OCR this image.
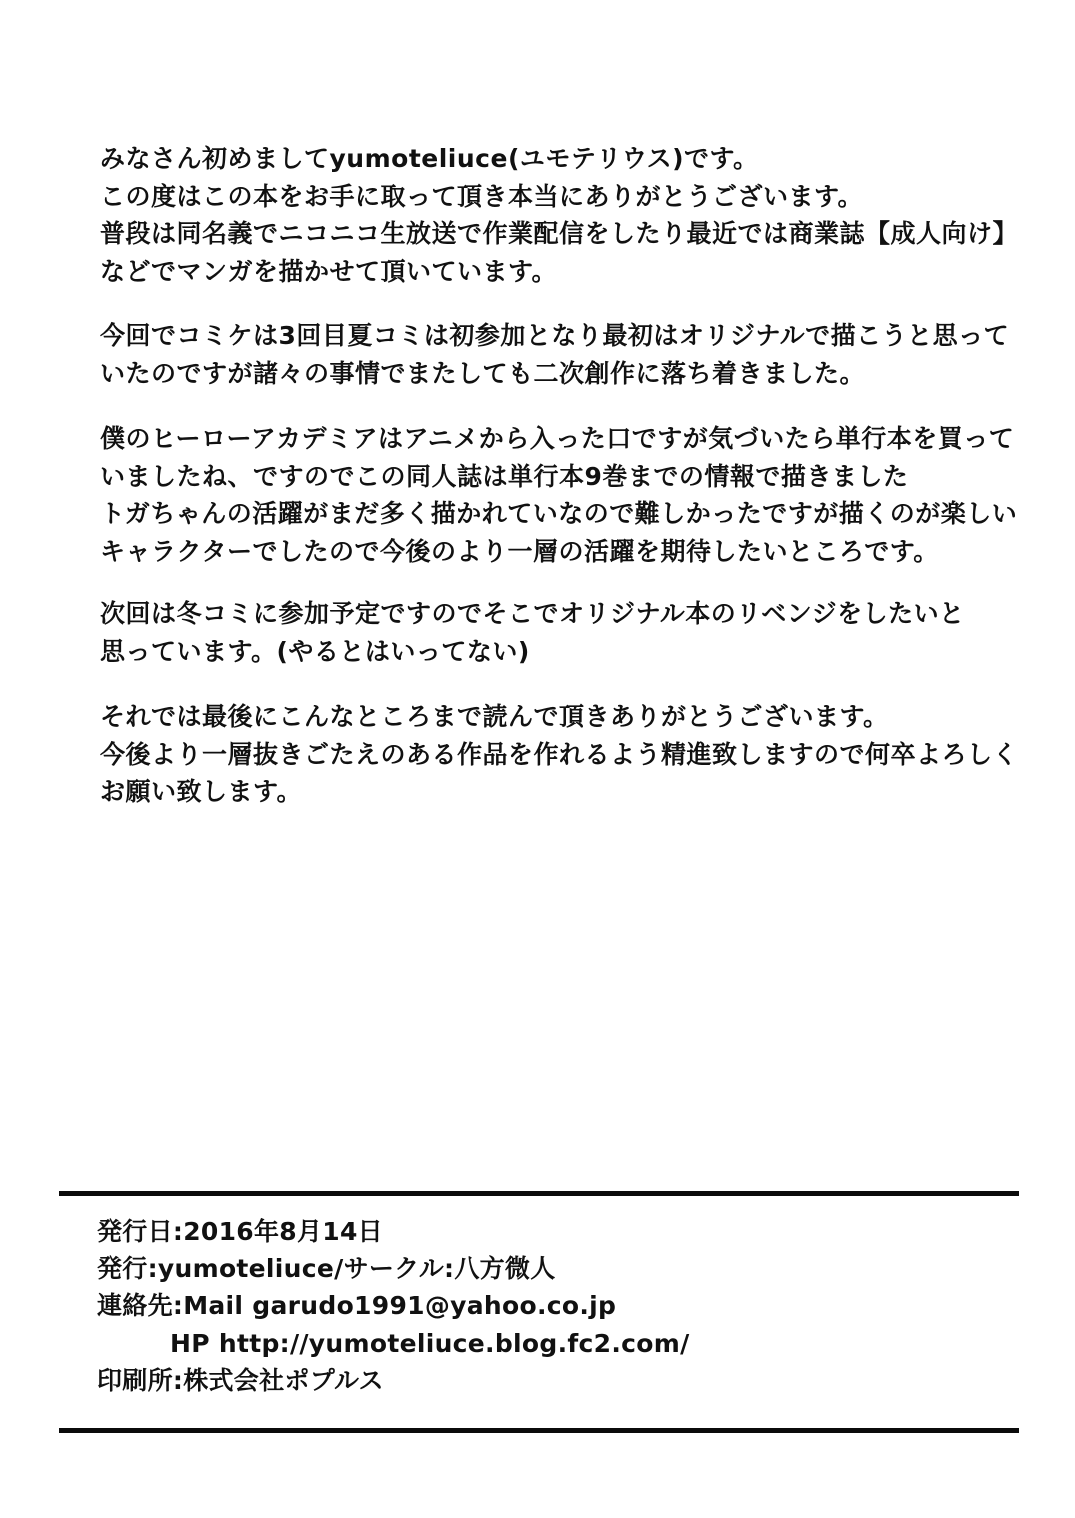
みなさん初めましてyumoteliuce(ユモテリウス)です。
この度はこの本をお手に取って頂き本当にありがとうございます。
普段は同名義でニコニコ生放送で作業配信をしたり最近では商業誌【成人向け】
などでマンガを描かせて頂いています。
今回でコミケは3回目夏コミは初参加となり最初はオリジナルで描こうと思って
いたのですが諸々の事情でまたしても二次創作に落ち着きました。
僕のヒーローアカデミアはアニメから入った口ですが気づいたら単行本を買って
いましたね、ですのでこの同人誌は単行本9巻までの情報で描きました
トガちゃんの活躍がまだ多く描かれていなので難しかったですが描くのが楽しい
キャラクターでしたので今後のより一層の活躍を期待したいところです。
次回は冬コミに参加予定ですのでそこでオリジナル本のリベンジをしたいと
思っています。(やるとはいってない)
それでは最後にこんなところまで読んで頂きありがとうございます。
今後より一層抜きごたえのある作品を作れるよう精進致しますので何卒よろしく
お願い致します。
発行日:2016年8月14日
発行:yumoteliuce/サークル:八方微人
連絡先:Mail garudo1991@yahoo.co.jp
HP http://yumoteliuce.blog.fc2.com/
印刷所:株式会社ポプルス
